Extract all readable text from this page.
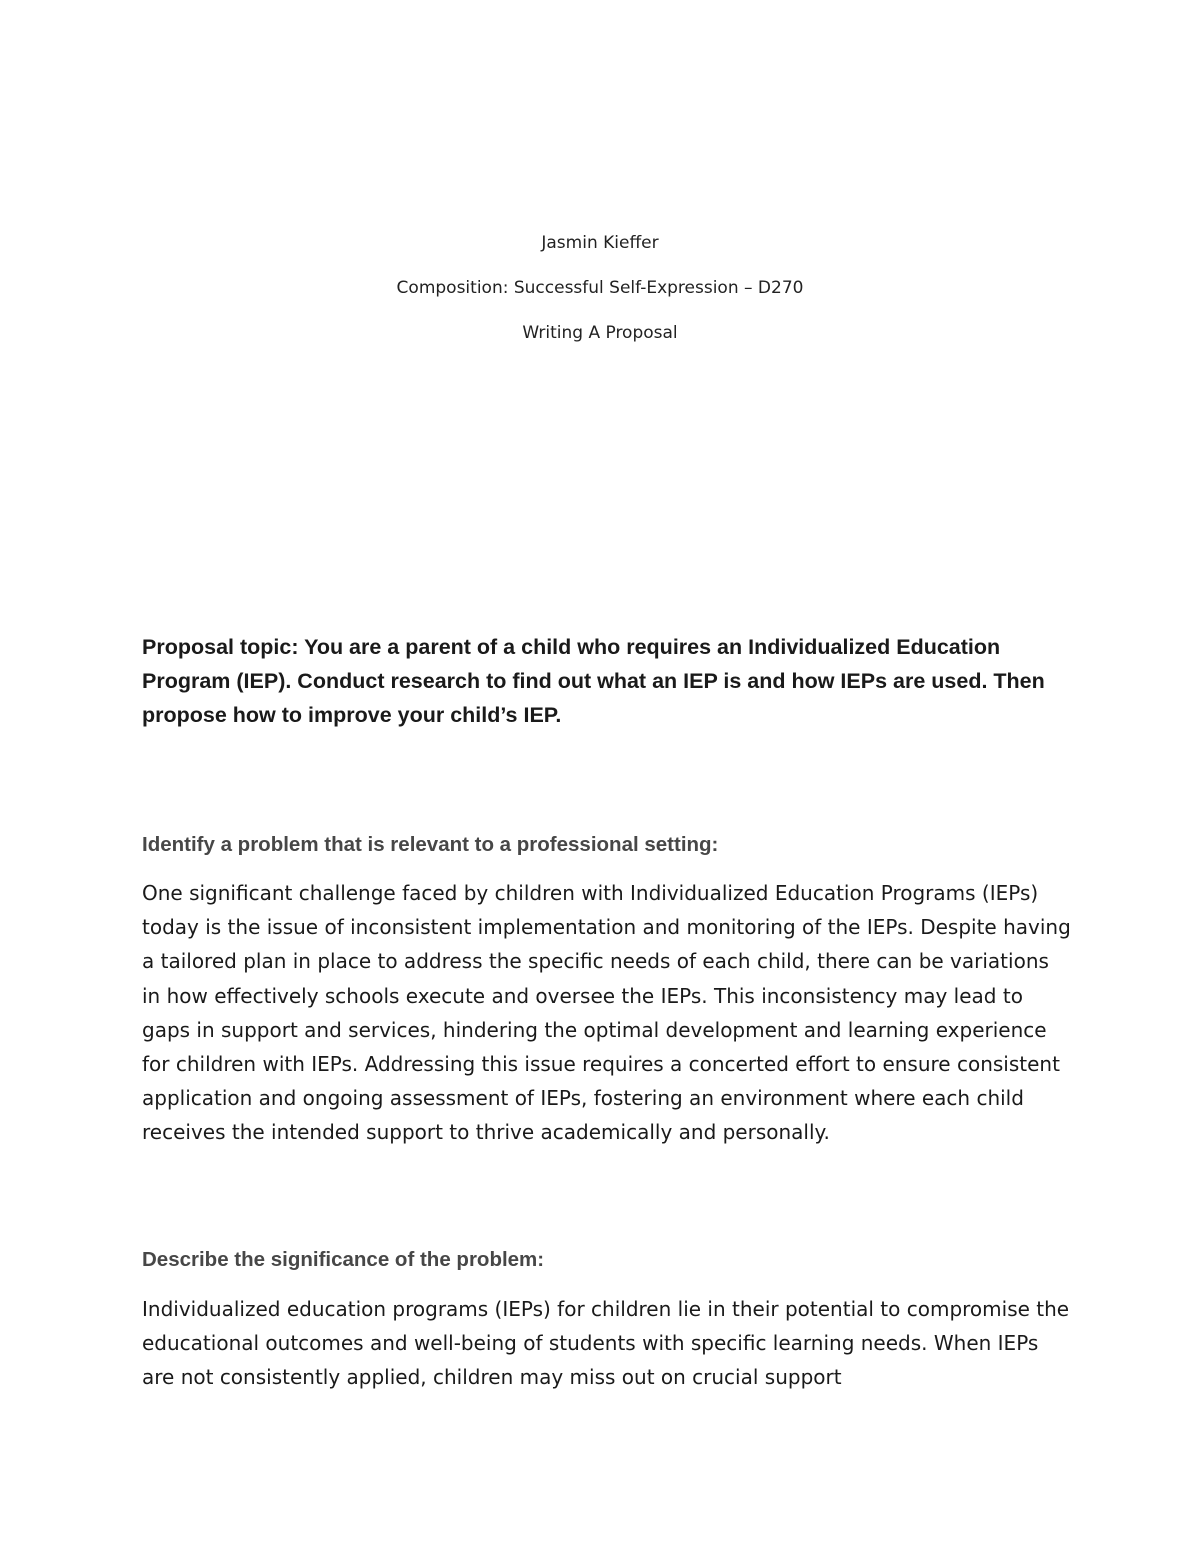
Jasmin Kieffer

Composition: Successful Self-Expression – D270

Writing A Proposal

Proposal topic: You are a parent of a child who requires an Individualized Education Program (IEP). Conduct research to find out what an IEP is and how IEPs are used. Then propose how to improve your child’s IEP.

Identify a problem that is relevant to a professional setting:

One significant challenge faced by children with Individualized Education Programs (IEPs) today is the issue of inconsistent implementation and monitoring of the IEPs. Despite having a tailored plan in place to address the specific needs of each child, there can be variations in how effectively schools execute and oversee the IEPs. This inconsistency may lead to gaps in support and services, hindering the optimal development and learning experience for children with IEPs. Addressing this issue requires a concerted effort to ensure consistent application and ongoing assessment of IEPs, fostering an environment where each child receives the intended support to thrive academically and personally.

Describe the significance of the problem:

Individualized education programs (IEPs) for children lie in their potential to compromise the educational outcomes and well-being of students with specific learning needs. When IEPs are not consistently applied, children may miss out on crucial support
